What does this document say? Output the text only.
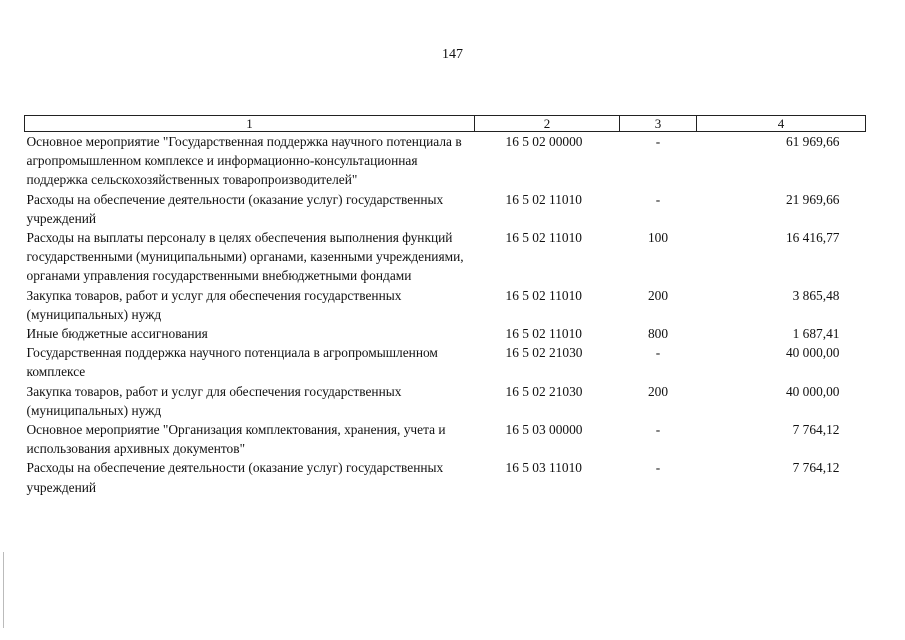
147
1	2	3	4
Основное мероприятие "Государственная поддержка научного потенциала в агропромышленном комплексе и информационно-консультационная поддержка сельскохозяйственных товаропроизводителей"	16 5 02 00000	-	61 969,66
Расходы на обеспечение деятельности (оказание услуг) государственных учреждений	16 5 02 11010	-	21 969,66
Расходы на выплаты персоналу в целях обеспечения выполнения функций государственными (муниципальными) органами, казенными учреждениями, органами управления государственными внебюджетными фондами	16 5 02 11010	100	16 416,77
Закупка товаров, работ и услуг для обеспечения государственных (муниципальных) нужд	16 5 02 11010	200	3 865,48
Иные бюджетные ассигнования	16 5 02 11010	800	1 687,41
Государственная поддержка научного потенциала в агропромышленном комплексе	16 5 02 21030	-	40 000,00
Закупка товаров, работ и услуг для обеспечения государственных (муниципальных) нужд	16 5 02 21030	200	40 000,00
Основное мероприятие "Организация комплектования, хранения, учета и использования архивных документов"	16 5 03 00000	-	7 764,12
Расходы на обеспечение деятельности (оказание услуг) государственных учреждений	16 5 03 11010	-	7 764,12
